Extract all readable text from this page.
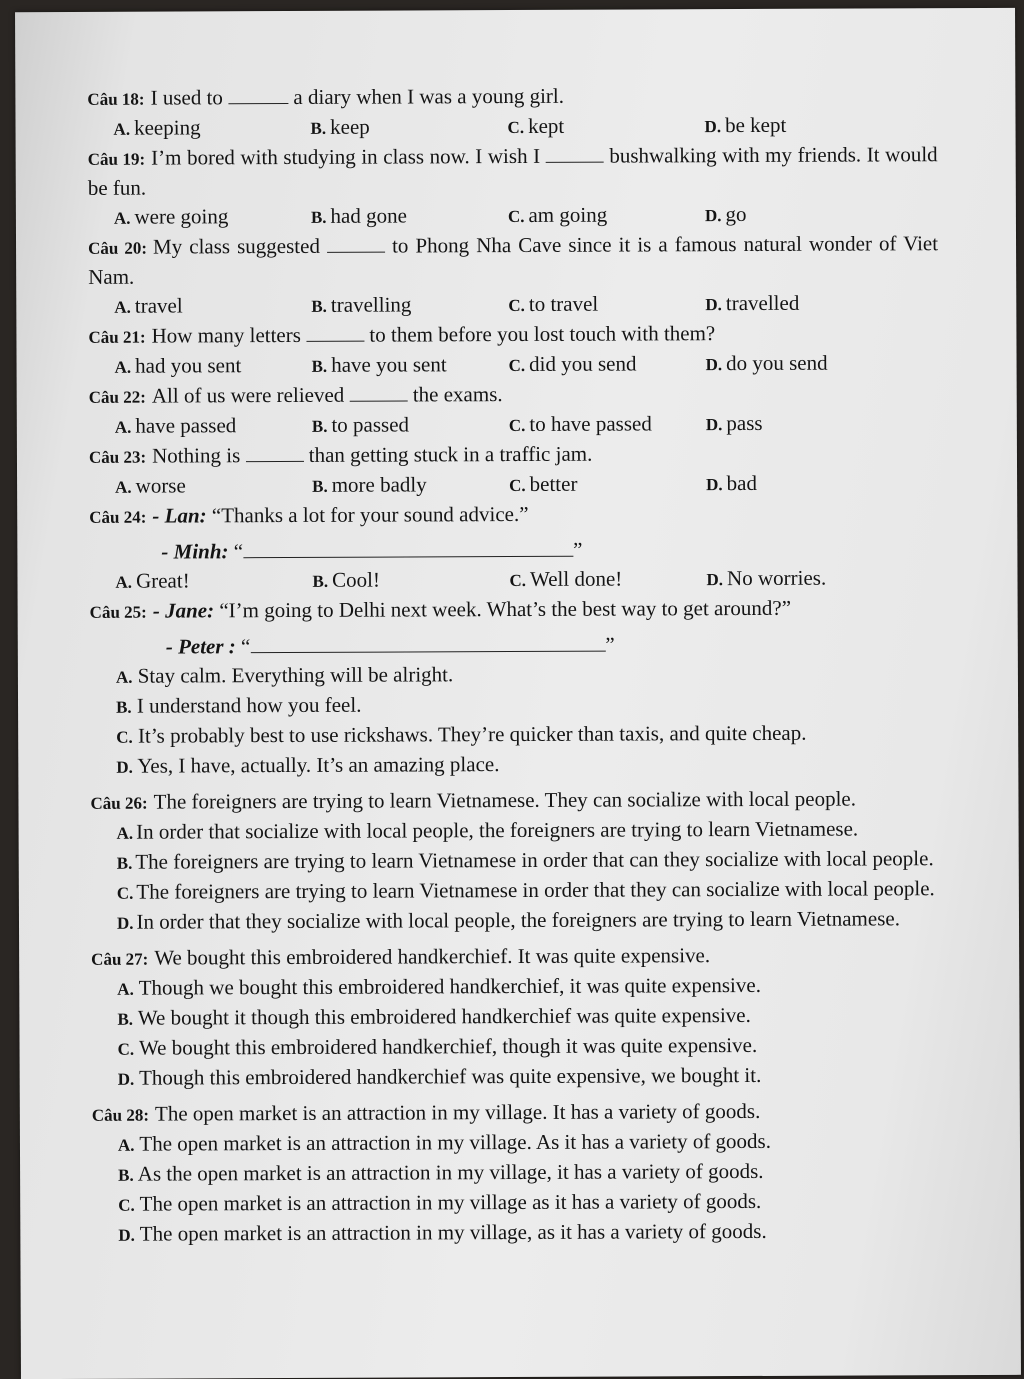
Câu 18: I used to	a diary when I was a young girl.

A. keeping	B. keep	C. kept	D. be kept

Câu 19: I’m bored with studying in class now. I wish I	bushwalking with my friends. It would be fun.

A. were going	B. had gone	C. am going	D. go

Câu 20: My class suggested	to Phong Nha Cave since it is a famous natural wonder of Viet Nam.

A. travel	B. travelling	C. to travel	D. travelled

Câu 21: How many letters	to them before you lost touch with them?

A. had you sent	B. have you sent	C. did you send	D. do you send

Câu 22: All of us were relieved	the exams.

A. have passed	B. to passed	C. to have passed	D. pass

Câu 23: Nothing is	than getting stuck in a traffic jam.

A. worse	B. more badly	C. better	D. bad

Câu 24: - Lan: “Thanks a lot for your sound advice.”

- Minh: “	”

A. Great!	B. Cool!	C. Well done!	D. No worries.

Câu 25: - Jane: “I’m going to Delhi next week. What’s the best way to get around?”

- Peter : “	”

A. Stay calm. Everything will be alright.
B. I understand how you feel.
C. It’s probably best to use rickshaws. They’re quicker than taxis, and quite cheap.
D. Yes, I have, actually. It’s an amazing place.

Câu 26: The foreigners are trying to learn Vietnamese. They can socialize with local people.

A. In order that socialize with local people, the foreigners are trying to learn Vietnamese.
B. The foreigners are trying to learn Vietnamese in order that can they socialize with local people.
C. The foreigners are trying to learn Vietnamese in order that they can socialize with local people.
D. In order that they socialize with local people, the foreigners are trying to learn Vietnamese.

Câu 27: We bought this embroidered handkerchief. It was quite expensive.

A. Though we bought this embroidered handkerchief, it was quite expensive.
B. We bought it though this embroidered handkerchief was quite expensive.
C. We bought this embroidered handkerchief, though it was quite expensive.
D. Though this embroidered handkerchief was quite expensive, we bought it.

Câu 28: The open market is an attraction in my village. It has a variety of goods.

A. The open market is an attraction in my village. As it has a variety of goods.
B. As the open market is an attraction in my village, it has a variety of goods.
C. The open market is an attraction in my village as it has a variety of goods.
D. The open market is an attraction in my village, as it has a variety of goods.
